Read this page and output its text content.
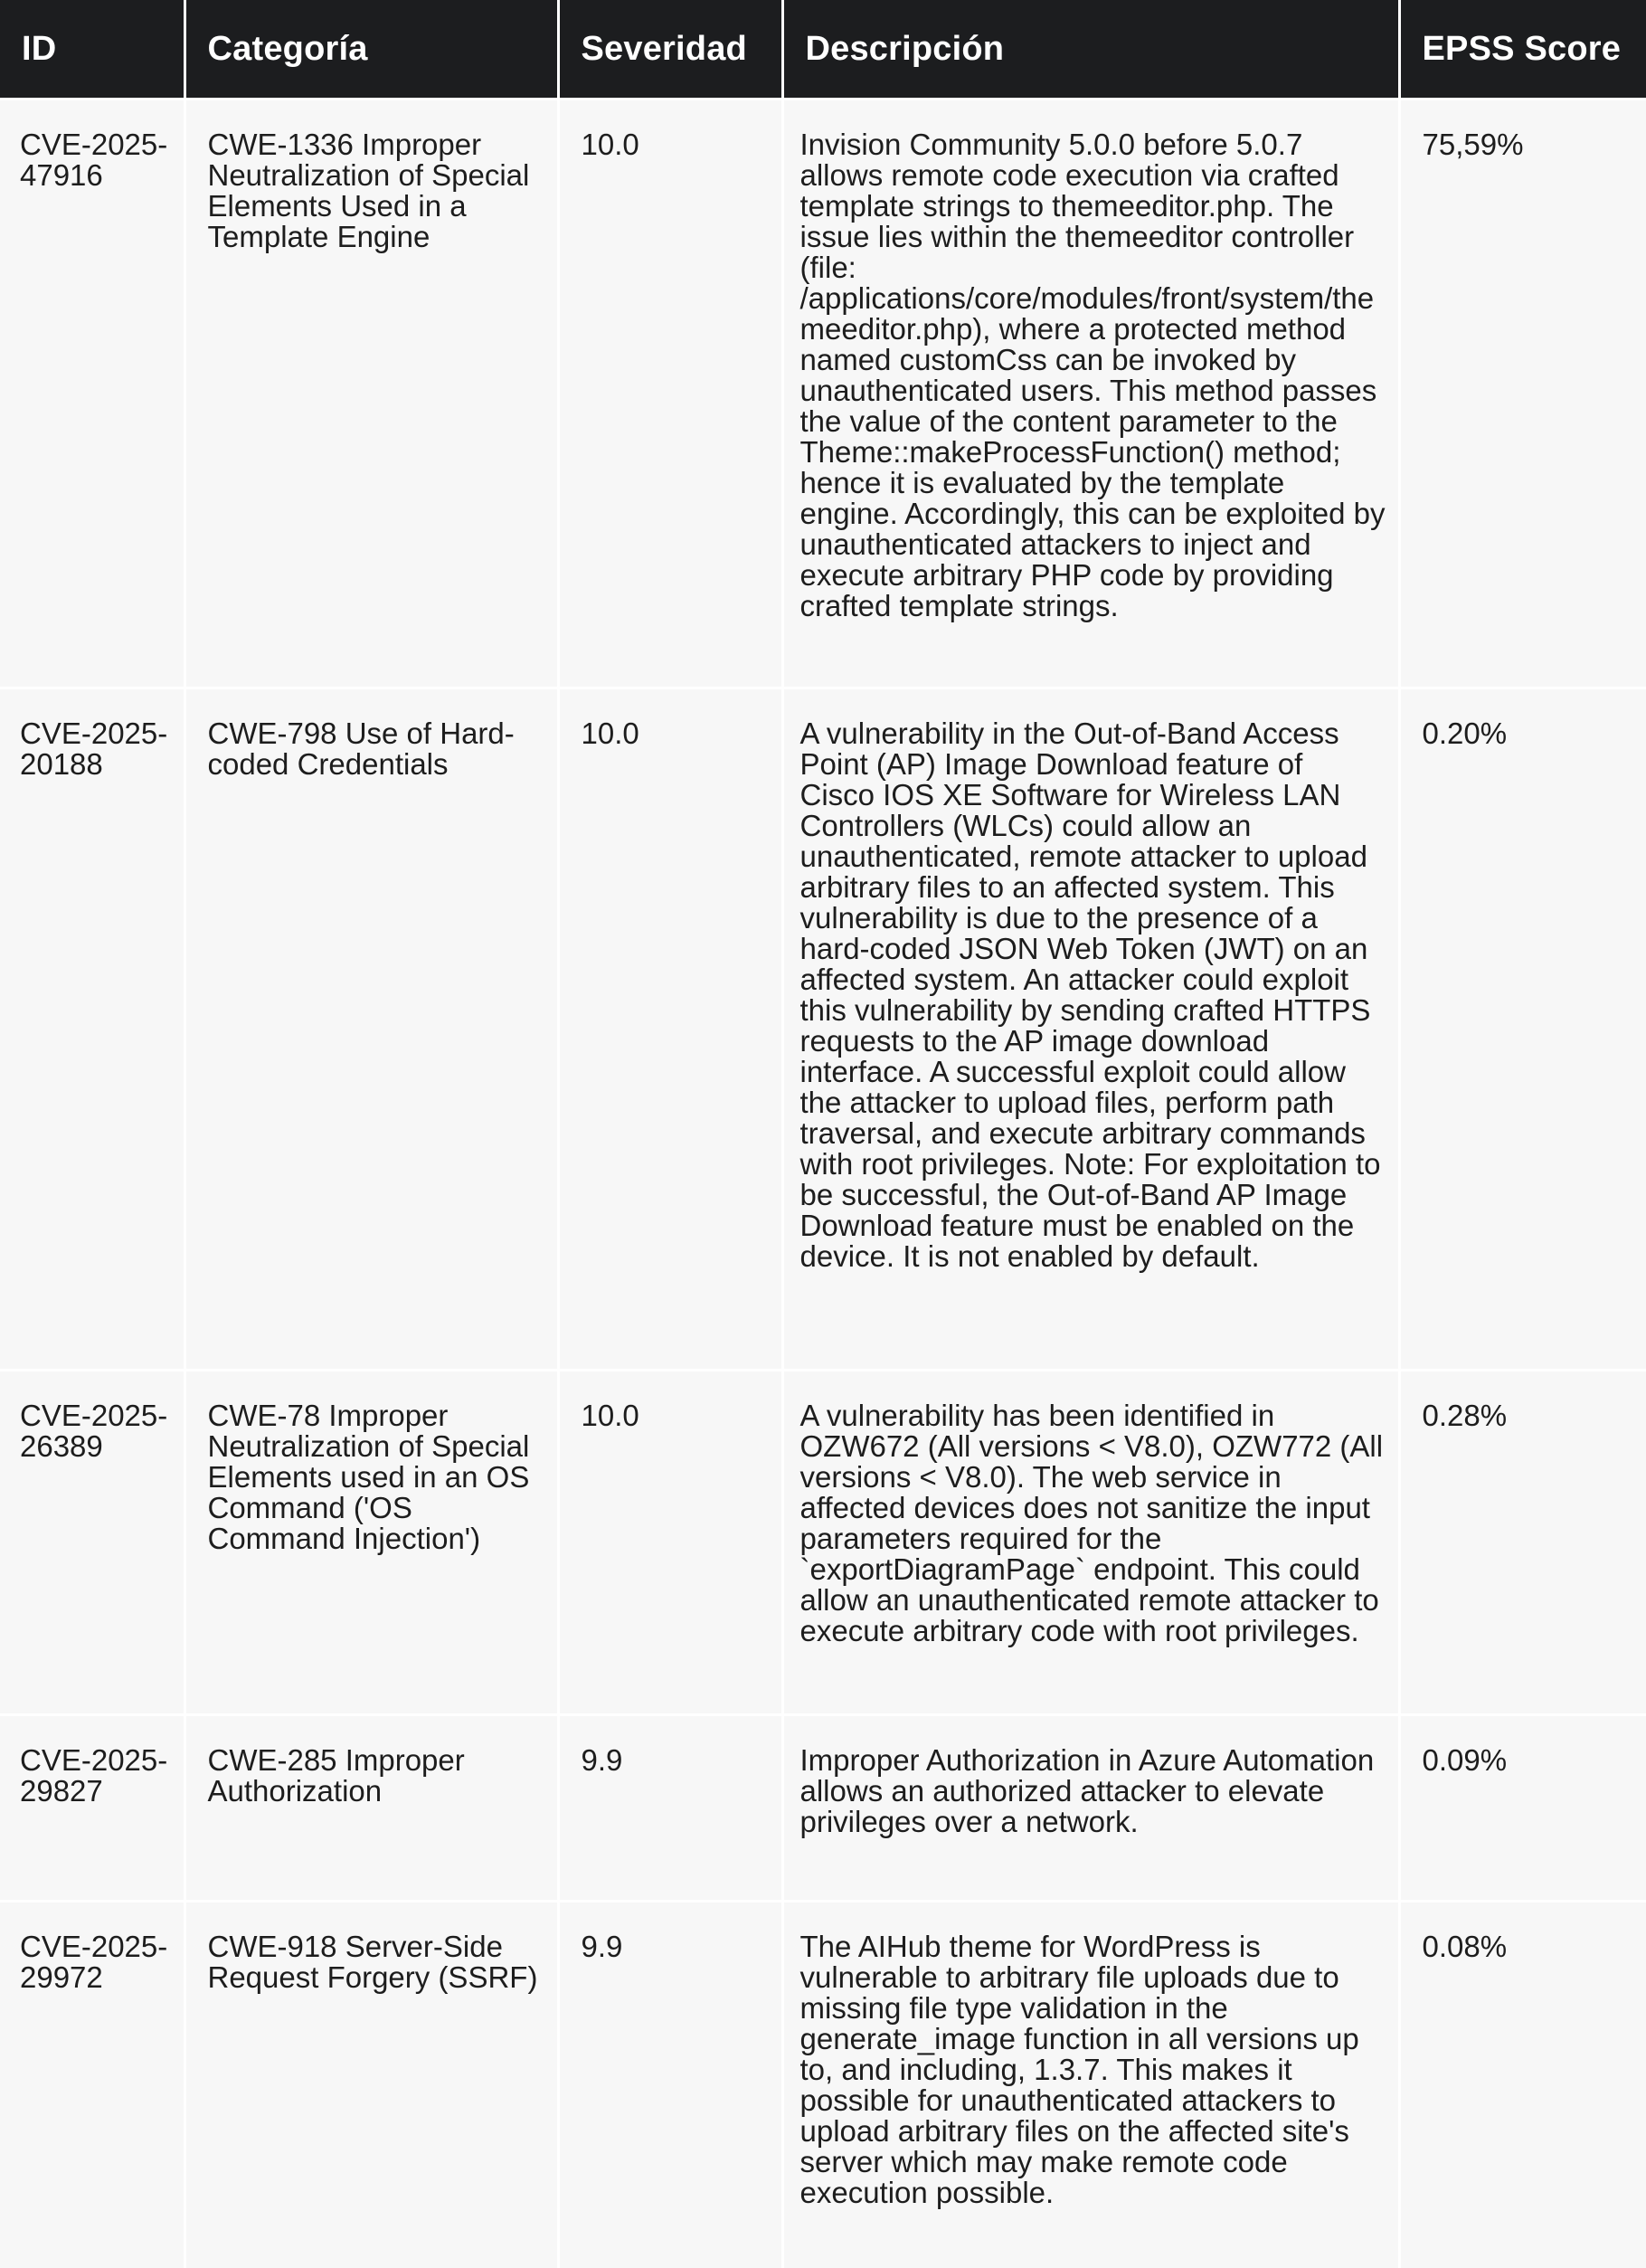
ID	Categoría	Severidad	Descripción	EPSS Score
CVE-2025-47916	CWE-1336 Improper Neutralization of Special Elements Used in a Template Engine	10.0	Invision Community 5.0.0 before 5.0.7 allows remote code execution via crafted template strings to themeeditor.php. The issue lies within the themeeditor controller (file: /applications/core/modules/front/system/themeeditor.php), where a protected method named customCss can be invoked by unauthenticated users. This method passes the value of the content parameter to the Theme::makeProcessFunction() method; hence it is evaluated by the template engine. Accordingly, this can be exploited by unauthenticated attackers to inject and execute arbitrary PHP code by providing crafted template strings.	75,59%
CVE-2025-20188	CWE-798 Use of Hard-coded Credentials	10.0	A vulnerability in the Out-of-Band Access Point (AP) Image Download feature of Cisco IOS XE Software for Wireless LAN Controllers (WLCs) could allow an unauthenticated, remote attacker to upload arbitrary files to an affected system. This vulnerability is due to the presence of a hard-coded JSON Web Token (JWT) on an affected system. An attacker could exploit this vulnerability by sending crafted HTTPS requests to the AP image download interface. A successful exploit could allow the attacker to upload files, perform path traversal, and execute arbitrary commands with root privileges. Note: For exploitation to be successful, the Out-of-Band AP Image Download feature must be enabled on the device. It is not enabled by default.	0.20%
CVE-2025-26389	CWE-78 Improper Neutralization of Special Elements used in an OS Command ('OS Command Injection')	10.0	A vulnerability has been identified in OZW672 (All versions < V8.0), OZW772 (All versions < V8.0). The web service in affected devices does not sanitize the input parameters required for the `exportDiagramPage` endpoint. This could allow an unauthenticated remote attacker to execute arbitrary code with root privileges.	0.28%
CVE-2025-29827	CWE-285 Improper Authorization	9.9	Improper Authorization in Azure Automation allows an authorized attacker to elevate privileges over a network.	0.09%
CVE-2025-29972	CWE-918 Server-Side Request Forgery (SSRF)	9.9	The AIHub theme for WordPress is vulnerable to arbitrary file uploads due to missing file type validation in the generate_image function in all versions up to, and including, 1.3.7. This makes it possible for unauthenticated attackers to upload arbitrary files on the affected site's server which may make remote code execution possible.	0.08%
